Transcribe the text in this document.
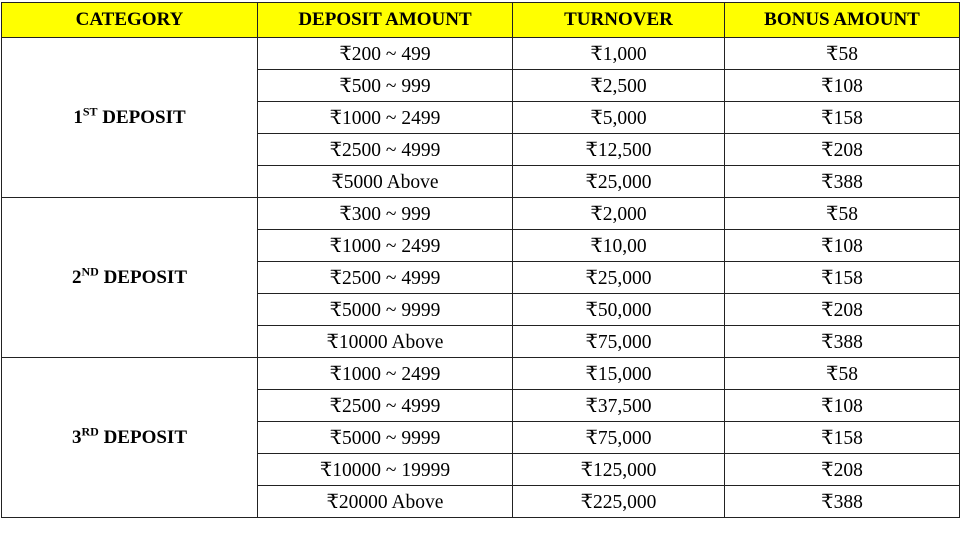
CATEGORY	DEPOSIT AMOUNT	TURNOVER	BONUS AMOUNT
1ST DEPOSIT	₹200 ~ 499	₹1,000	₹58
	₹500 ~ 999	₹2,500	₹108
	₹1000 ~ 2499	₹5,000	₹158
	₹2500 ~ 4999	₹12,500	₹208
	₹5000 Above	₹25,000	₹388
2ND DEPOSIT	₹300 ~ 999	₹2,000	₹58
	₹1000 ~ 2499	₹10,00	₹108
	₹2500 ~ 4999	₹25,000	₹158
	₹5000 ~ 9999	₹50,000	₹208
	₹10000 Above	₹75,000	₹388
3RD DEPOSIT	₹1000 ~ 2499	₹15,000	₹58
	₹2500 ~ 4999	₹37,500	₹108
	₹5000 ~ 9999	₹75,000	₹158
	₹10000 ~ 19999	₹125,000	₹208
	₹20000 Above	₹225,000	₹388
